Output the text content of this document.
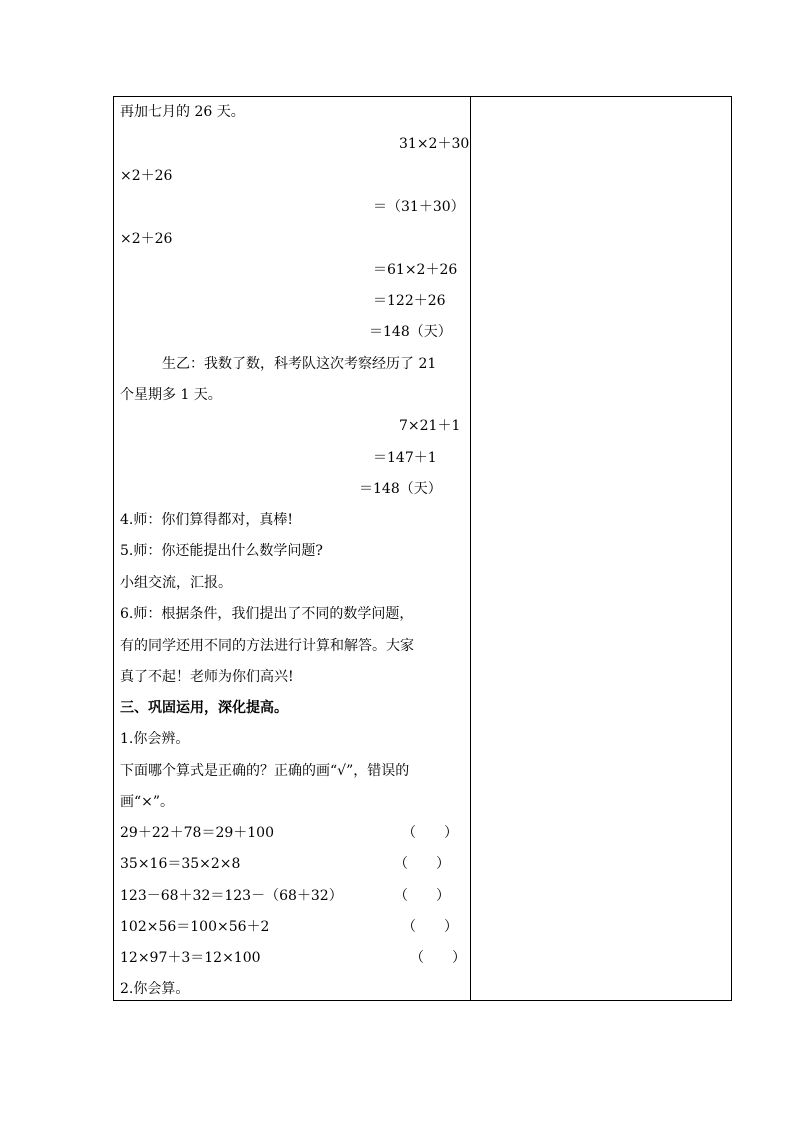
再加七月的 26 天。
31×2＋30
×2＋26
＝（31＋30）
×2＋26
＝61×2＋26
＝122＋26
＝148（天）
生乙：我数了数，科考队这次考察经历了 21
个星期多 1 天。
7×21＋1
＝147＋1
＝148（天）
4.师：你们算得都对，真棒!
5.师：你还能提出什么数学问题?
小组交流，汇报。
6.师：根据条件，我们提出了不同的数学问题，
有的同学还用不同的方法进行计算和解答。大家
真了不起！老师为你们高兴!
三、巩固运用，深化提高。
1.你会辨。
下面哪个算式是正确的？正确的画“√”，错误的
画“×”。
29＋22＋78＝29＋100	（　　）
35×16＝35×2×8	（　　）
123－68＋32＝123－（68＋32）	（　　）
102×56＝100×56＋2	（　　）
12×97＋3＝12×100	（　　）
2.你会算。
